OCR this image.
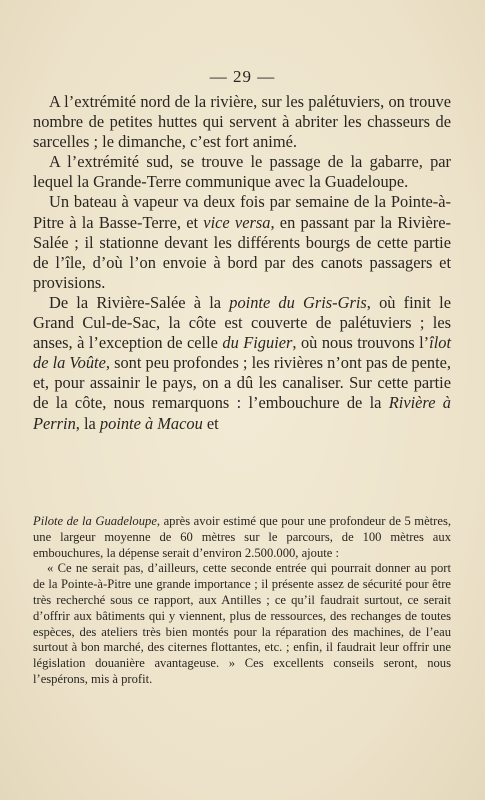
— 29 —

A l’extrémité nord de la rivière, sur les palétuviers, on trouve nombre de petites huttes qui servent à abriter les chasseurs de sarcelles ; le dimanche, c’est fort animé.

A l’extrémité sud, se trouve le passage de la gabarre, par lequel la Grande-Terre communique avec la Guadeloupe.

Un bateau à vapeur va deux fois par semaine de la Pointe-à-Pitre à la Basse-Terre, et vice versa, en passant par la Rivière-Salée ; il stationne devant les différents bourgs de cette partie de l’île, d’où l’on envoie à bord par des canots passagers et provisions.

De la Rivière-Salée à la pointe du Gris-Gris, où finit le Grand Cul-de-Sac, la côte est couverte de palétuviers ; les anses, à l’exception de celle du Figuier, où nous trouvons l’îlot de la Voûte, sont peu profondes ; les rivières n’ont pas de pente, et, pour assainir le pays, on a dû les canaliser. Sur cette partie de la côte, nous remarquons : l’embouchure de la Rivière à Perrin, la pointe à Macou et

Pilote de la Guadeloupe, après avoir estimé que pour une profondeur de 5 mètres, une largeur moyenne de 60 mètres sur le parcours, de 100 mètres aux embouchures, la dépense serait d’environ 2.500.000, ajoute :

« Ce ne serait pas, d’ailleurs, cette seconde entrée qui pourrait donner au port de la Pointe-à-Pitre une grande importance ; il présente assez de sécurité pour être très recherché sous ce rapport, aux Antilles ; ce qu’il faudrait surtout, ce serait d’offrir aux bâtiments qui y viennent, plus de ressources, des rechanges de toutes espèces, des ateliers très bien montés pour la réparation des machines, de l’eau surtout à bon marché, des citernes flottantes, etc. ; enfin, il faudrait leur offrir une législation douanière avantageuse. » Ces excellents conseils seront, nous l’espérons, mis à profit.
